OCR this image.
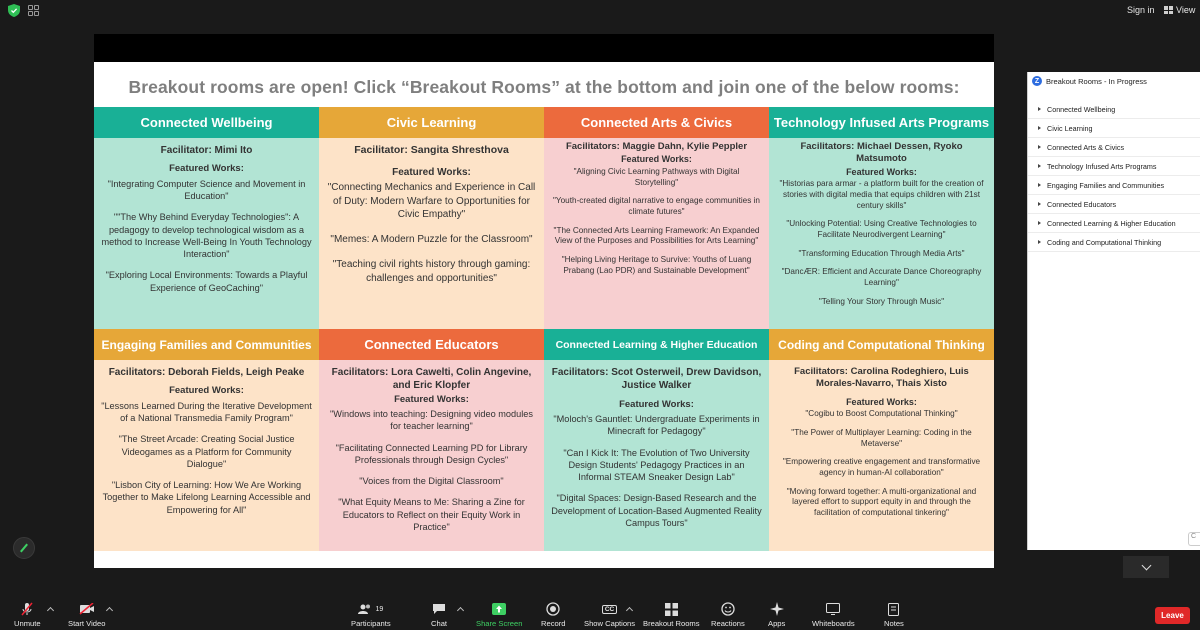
Sign in View
Breakout rooms are open! Click “Breakout Rooms” at the bottom and join one of the below rooms:
Connected Wellbeing
Facilitator: Mimi Ito
Featured Works:
"Integrating Computer Science and Movement in Education"
""The Why Behind Everyday Technologies": A pedagogy to develop technological wisdom as a method to Increase Well-Being In Youth Technology Interaction"
"Exploring Local Environments: Towards a Playful Experience of GeoCaching"
Civic Learning
Facilitator: Sangita Shresthova
Featured Works:
"Connecting Mechanics and Experience in Call of Duty: Modern Warfare to Opportunities for Civic Empathy"
"Memes: A Modern Puzzle for the Classroom"
"Teaching civil rights history through gaming: challenges and opportunities"
Connected Arts & Civics
Facilitators: Maggie Dahn, Kylie Peppler
Featured Works:
"Aligning Civic Learning Pathways with Digital Storytelling"
"Youth-created digital narrative to engage communities in climate futures"
"The Connected Arts Learning Framework: An Expanded View of the Purposes and Possibilities for Arts Learning"
"Helping Living Heritage to Survive: Youths of Luang Prabang (Lao PDR) and Sustainable Development"
Technology Infused Arts Programs
Facilitators: Michael Dessen, Ryoko Matsumoto
Featured Works:
"Historias para armar - a platform built for the creation of stories with digital media that equips children with 21st century skills"
"Unlocking Potential: Using Creative Technologies to Facilitate Neurodivergent Learning"
"Transforming Education Through Media Arts"
"DancÆR: Efficient and Accurate Dance Choreography Learning"
"Telling Your Story Through Music"
Engaging Families and Communities
Facilitators: Deborah Fields, Leigh Peake
Featured Works:
"Lessons Learned During the Iterative Development of a National Transmedia Family Program"
"The Street Arcade: Creating Social Justice Videogames as a Platform for Community Dialogue"
"Lisbon City of Learning: How We Are Working Together to Make Lifelong Learning Accessible and Empowering for All"
Connected Educators
Facilitators: Lora Cawelti, Colin Angevine, and Eric Klopfer
Featured Works:
"Windows into teaching: Designing video modules for teacher learning"
"Facilitating Connected Learning PD for Library Professionals through Design Cycles"
"Voices from the Digital Classroom"
"What Equity Means to Me: Sharing a Zine for Educators to Reflect on their Equity Work in Practice"
Connected Learning & Higher Education
Facilitators: Scot Osterweil, Drew Davidson, Justice Walker
Featured Works:
"Moloch's Gauntlet: Undergraduate Experiments in Minecraft for Pedagogy"
"Can I Kick It: The Evolution of Two University Design Students' Pedagogy Practices in an Informal STEAM Sneaker Design Lab"
"Digital Spaces: Design-Based Research and the Development of Location-Based Augmented Reality Campus Tours"
Coding and Computational Thinking
Facilitators: Carolina Rodeghiero, Luis Morales-Navarro, Thais Xisto
Featured Works:
"Cogibu to Boost Computational Thinking"
"The Power of Multiplayer Learning: Coding in the Metaverse"
"Empowering creative engagement and transformative agency in human-AI collaboration"
"Moving forward together: A multi-organizational and layered effort to support equity in and through the facilitation of computational tinkering"
Z Breakout Rooms - In Progress
Connected Wellbeing
Civic Learning
Connected Arts & Civics
Technology Infused Arts Programs
Engaging Families and Communities
Connected Educators
Connected Learning & Higher Education
Coding and Computational Thinking
C
Unmute	Start Video
19
Participants	Chat	Share Screen Record
CC
Show Captions Breakout Rooms Reactions	Apps	Whiteboards	Notes
Leave
